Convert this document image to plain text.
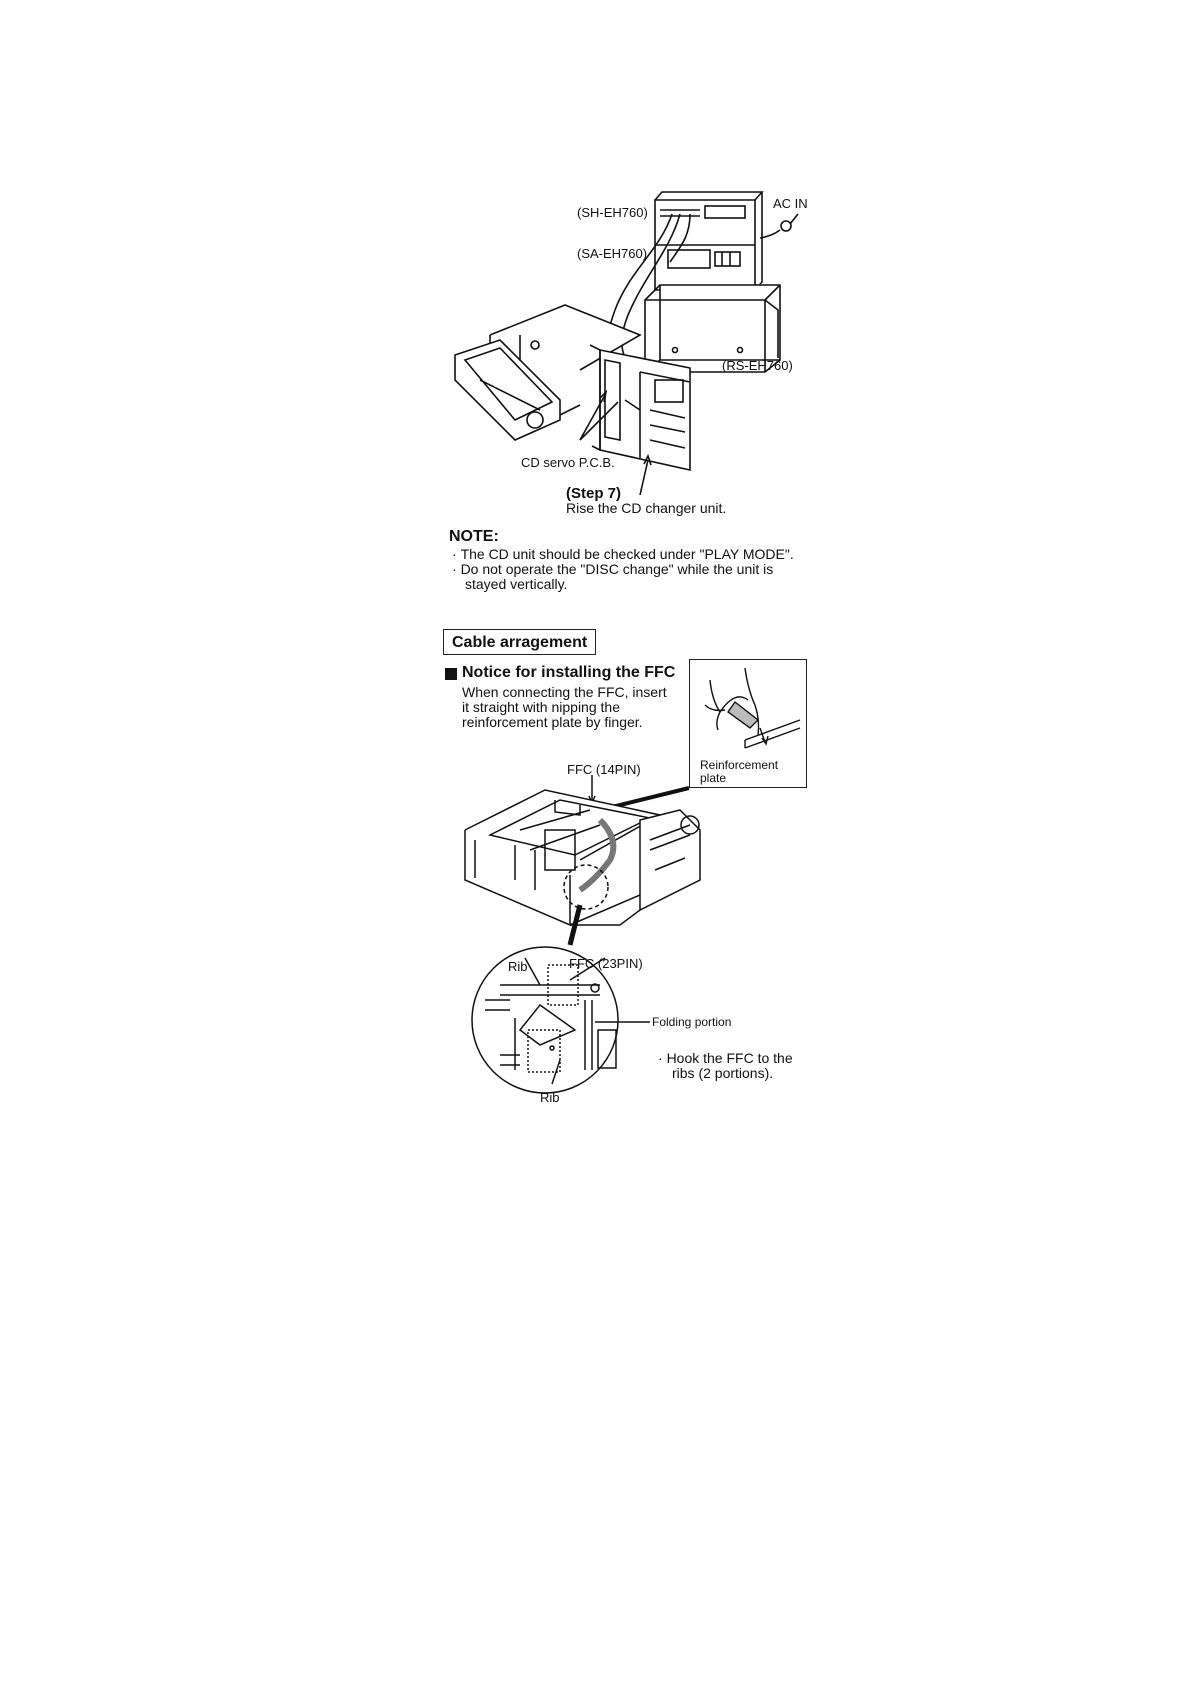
(SH-EH760)
(SA-EH760)
AC IN
(RS-EH760)
CD servo P.C.B.
(Step 7)
Rise the CD changer unit.
NOTE:
· The CD unit should be checked under "PLAY MODE".
· Do not operate the "DISC change" while the unit is
stayed vertically.
Cable arragement
Notice for installing the FFC
When connecting the FFC, insert
it straight with nipping the
reinforcement plate by finger.
Reinforcement
plate
FFC (14PIN)
Rib	FFC (23PIN)
Folding portion
Rib
· Hook the FFC to the
ribs (2 portions).
